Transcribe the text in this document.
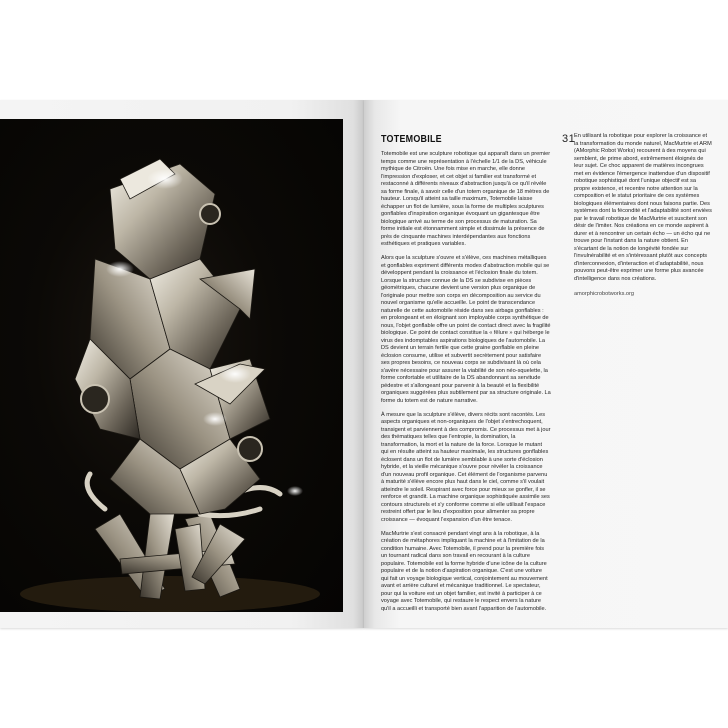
31
TOTEMOBILE

Totemobile est une sculpture robotique qui apparaît dans un premier temps comme une représentation à l'échelle 1/1 de la DS, véhicule mythique de Citroën. Une fois mise en marche, elle donne l'impression d'exploser, et cet objet si familier est transformé et restaconné à différents niveaux d'abstraction jusqu'à ce qu'il révèle sa forme finale, à savoir celle d'un totem organique de 18 mètres de hauteur. Lorsqu'il atteint sa taille maximum, Totemobile laisse échapper un flot de lumière, sous la forme de multiples sculptures gonflables d'inspiration organique évoquant un gigantesque être biologique arrivé au terme de son processus de maturation. Sa forme initiale est étonnamment simple et dissimule la présence de près de cinquante machines interdépendantes aux fonctions esthétiques et pratiques variables.

Alors que la sculpture s'ouvre et s'élève, ces machines métalliques et gonflables expriment différents modes d'abstraction mobile qui se développent pendant la croissance et l'éclosion finale du totem. Lorsque la structure connue de la DS se subdivise en pièces géométriques, chacune devient une version plus organique de l'originale pour mettre son corps en décomposition au service du nouvel organisme qu'elle accueille. Le point de transcendance naturelle de cette automobile réside dans ses airbags gonflables : en prolongeant et en éloignant son imployable corps synthétique de nous, l'objet gonflable offre un point de contact direct avec la fragilité biologique. Ce point de contact constitue la « fêlure » qui héberge le virus des indomptables aspirations biologiques de l'automobile. La DS devient un terrain fertile que cette graine gonflable en pleine éclosion consume, utilise et subvertit secrètement pour satisfaire ses propres besoins, ce nouveau corps se subdivisant là où cela s'avère nécessaire pour assurer la viabilité de son néo-squelette, la forme confortable et utilitaire de la DS abandonnant sa servitude pédestre et s'allongeant pour parvenir à la beauté et la flexibilité organiques suggérées plus subtilement par sa structure originale. La forme du totem est de nature narrative.

À mesure que la sculpture s'élève, divers récits sont racontés. Les aspects organiques et non-organiques de l'objet s'entrechoquent, transigent et parviennent à des compromis. Ce processus met à jour des thématiques telles que l'entropie, la domination, la transformation, la mort et la nature de la force. Lorsque le mutant qui en résulte atteint sa hauteur maximale, les structures gonflables éclosent dans un flot de lumière semblable à une sorte d'éclosion hybride, et la vieille mécanique s'ouvre pour révéler la croissance d'un nouveau profil organique. Cet élément de l'organisme parvenu à maturité s'élève encore plus haut dans le ciel, comme s'il voulait atteindre le soleil. Respirant avec force pour mieux se gonfler, il se renforce et grandit. La machine organique sophistiquée assimile ses contours structurels et s'y conforme comme si elle utilisait l'espace restreint offert par le lieu d'exposition pour alimenter sa propre croissance — évoquant l'expansion d'un être tenace.

MacMurtrie s'est consacré pendant vingt ans à la robotique, à la création de métaphores impliquant la machine et à l'imitation de la condition humaine. Avec Totemobile, il prend pour la première fois un tournant radical dans son travail en recourant à la culture populaire. Totemobile est la forme hybride d'une icône de la culture populaire et de la notion d'aspiration organique. C'est une voiture qui fait un voyage biologique vertical, conjointement au mouvement avant et arrière culturel et mécanique traditionnel. Le spectateur, pour qui la voiture est un objet familier, est invité à participer à ce voyage avec Totemobile, qui restaure le respect envers la nature qu'il a accueilli et transporté bien avant l'apparition de l'automobile.

En utilisant la robotique pour explorer la croissance et la transformation du monde naturel, MacMurtrie et ARM (AMorphic Robot Works) recourent à des moyens qui semblent, de prime abord, extrêmement éloignés de leur sujet. Ce choc apparent de matières incongrues met en évidence l'émergence inattendue d'un dispositif robotique sophistiqué dont l'unique objectif est sa propre existence, et recentre notre attention sur la composition et le statut prioritaire de ces systèmes biologiques élémentaires dont nous faisons partie. Des systèmes dont la fécondité et l'adaptabilité sont enviées par le travail robotique de MacMurtrie et suscitent son désir de l'imiter. Nos créations en ce monde aspirent à durer et à rencontrer un certain écho — un écho qui ne trouve pour l'instant dans la nature obtient. En s'écartant de la notion de longévité fondée sur l'invulnérabilité et en s'intéressant plutôt aux concepts d'interconnexion, d'interaction et d'adaptabilité, nous pouvons peut-être exprimer une forme plus avancée d'intelligence dans nos créations.

amorphicrobotworks.org
